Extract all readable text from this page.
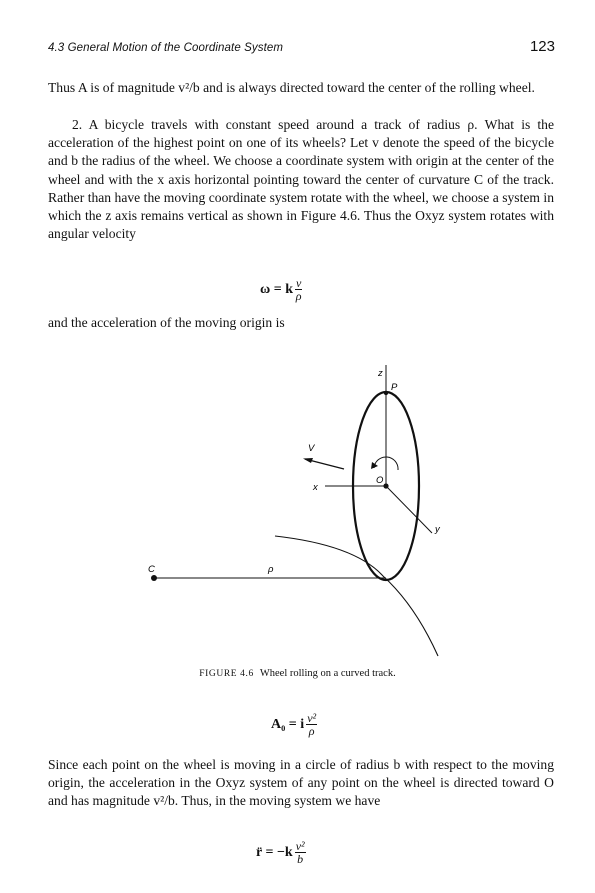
4.3 General Motion of the Coordinate System	123

Thus A is of magnitude v²/b and is always directed toward the center of the rolling wheel.

2. A bicycle travels with constant speed around a track of radius ρ. What is the acceleration of the highest point on one of its wheels? Let v denote the speed of the bicycle and b the radius of the wheel. We choose a coordinate system with origin at the center of the wheel and with the x axis horizontal pointing toward the center of curvature C of the track. Rather than have the moving coordinate system rotate with the wheel, we choose a system in which the z axis remains vertical as shown in Figure 4.6. Thus the Oxyz system rotates with angular velocity

ω = k $\frac{v}{\rho}$

and the acceleration of the moving origin is

z
P
V
x
O
y
C	ρ
FIGURE 4.6 Wheel rolling on a curved track.
A₀ = i $\frac{\text{v²}}{\rho}$

Since each point on the wheel is moving in a circle of radius b with respect to the moving origin, the acceleration in the Oxyz system of any point on the wheel is directed toward O and has magnitude v²/b. Thus, in the moving system we have

r̈ = $-k \frac{\text{v²}}{b}$
